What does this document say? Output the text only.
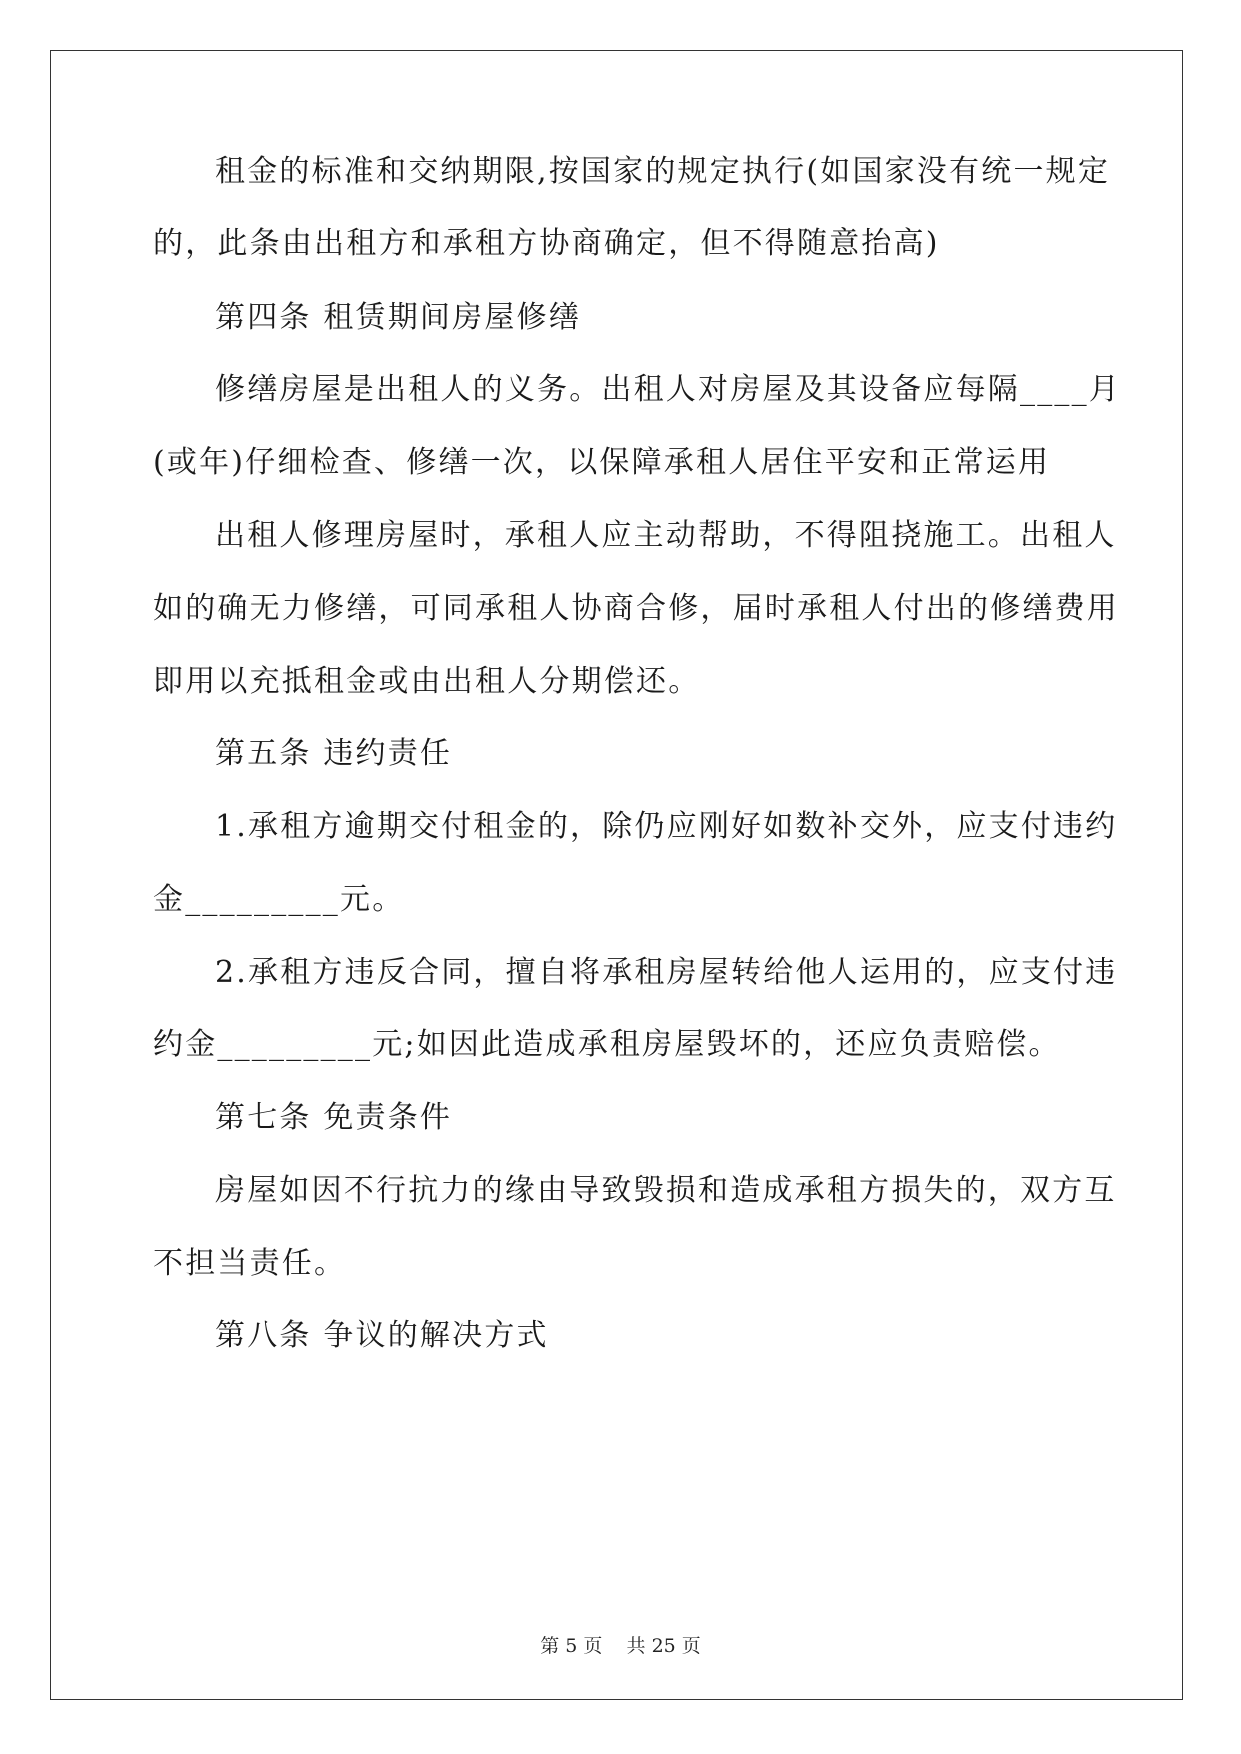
租金的标准和交纳期限,按国家的规定执行(如国家没有统一规定
的，此条由出租方和承租方协商确定，但不得随意抬高)
第四条 租赁期间房屋修缮
修缮房屋是出租人的义务。出租人对房屋及其设备应每隔____月
(或年)仔细检查、修缮一次，以保障承租人居住平安和正常运用
出租人修理房屋时，承租人应主动帮助，不得阻挠施工。出租人
如的确无力修缮，可同承租人协商合修，届时承租人付出的修缮费用
即用以充抵租金或由出租人分期偿还。
第五条 违约责任
1.承租方逾期交付租金的，除仍应刚好如数补交外，应支付违约
金_________元。
2.承租方违反合同，擅自将承租房屋转给他人运用的，应支付违
约金_________元;如因此造成承租房屋毁坏的，还应负责赔偿。
第七条 免责条件
房屋如因不行抗力的缘由导致毁损和造成承租方损失的，双方互
不担当责任。
第八条 争议的解决方式
第 5 页 共 25 页
